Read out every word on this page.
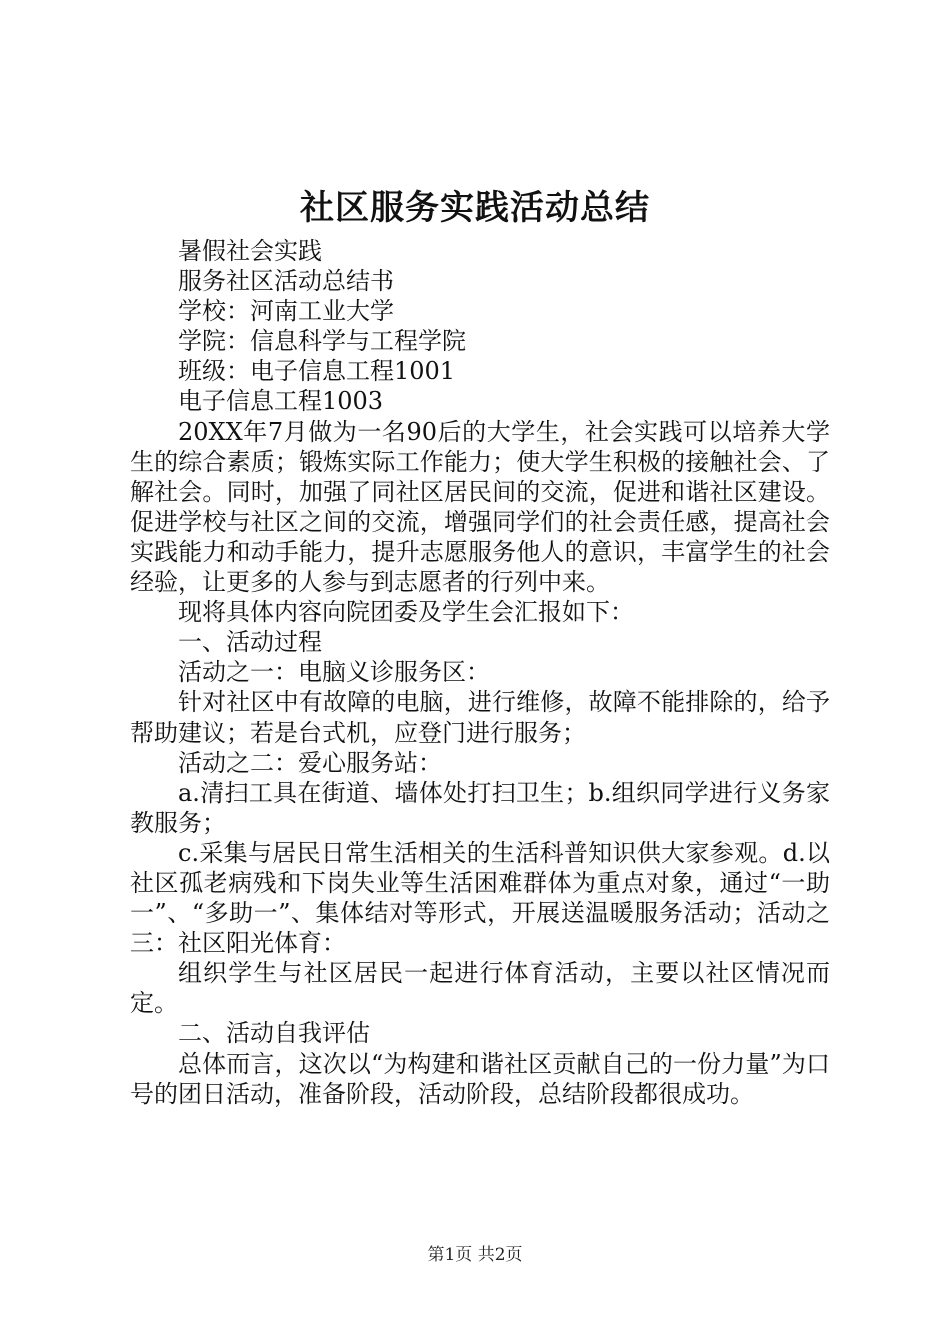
社区服务实践活动总结

暑假社会实践

服务社区活动总结书

学校：河南工业大学

学院：信息科学与工程学院

班级：电子信息工程1001

电子信息工程1003

20XX年7月做为一名90后的大学生，社会实践可以培养大学生的综合素质；锻炼实际工作能力；使大学生积极的接触社会、了解社会。同时，加强了同社区居民间的交流，促进和谐社区建设。促进学校与社区之间的交流，增强同学们的社会责任感，提高社会实践能力和动手能力，提升志愿服务他人的意识，丰富学生的社会经验，让更多的人参与到志愿者的行列中来。

现将具体内容向院团委及学生会汇报如下：

一、活动过程

活动之一：电脑义诊服务区：

针对社区中有故障的电脑，进行维修，故障不能排除的，给予帮助建议；若是台式机，应登门进行服务；

活动之二：爱心服务站：

a.清扫工具在街道、墙体处打扫卫生；b.组织同学进行义务家教服务；

c.采集与居民日常生活相关的生活科普知识供大家参观。d.以社区孤老病残和下岗失业等生活困难群体为重点对象，通过“一助一”、“多助一”、集体结对等形式，开展送温暖服务活动；活动之三：社区阳光体育：

组织学生与社区居民一起进行体育活动，主要以社区情况而定。

二、活动自我评估

总体而言，这次以“为构建和谐社区贡献自己的一份力量”为口号的团日活动，准备阶段，活动阶段，总结阶段都很成功。

第1页 共2页
